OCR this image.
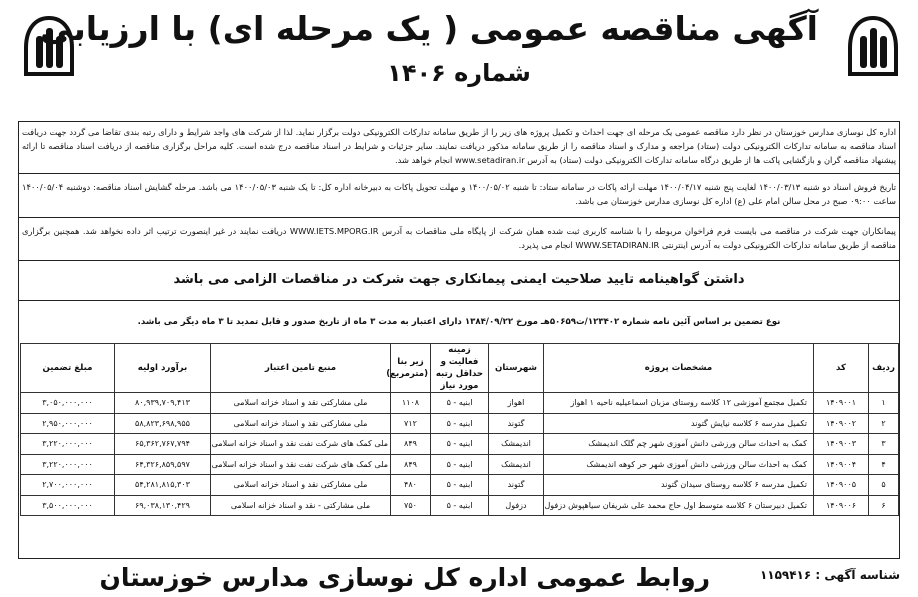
آگهی مناقصه عمومی ( یک مرحله ای) با ارزیابی
شماره ۱۴۰۶
اداره کل نوسازی مدارس خوزستان در نظر دارد مناقصه عمومی یک مرحله ای جهت احداث و تکمیل پروژه های زیر را از طریق سامانه تدارکات الکترونیکی دولت برگزار نماید. لذا از شرکت های واجد شرایط و دارای رتبه بندی تقاضا می گردد جهت دریافت اسناد مناقصه به سامانه تدارکات الکترونیکی دولت (ستاد) مراجعه و مدارک و اسناد مناقصه را از طریق سامانه مذکور دریافت نمایند. سایر جزئیات و شرایط در اسناد مناقصه درج شده است. کلیه مراحل برگزاری مناقصه از دریافت اسناد مناقصه تا ارائه پیشنهاد مناقصه گران و بازگشایی پاکت ها از طریق درگاه سامانه تدارکات الکترونیکی دولت (ستاد) به آدرس www.setadiran.ir انجام خواهد شد.
تاریخ فروش اسناد دو شنبه ۱۴۰۰/۰۳/۱۳ لغایت پنج شنبه ۱۴۰۰/۰۴/۱۷ مهلت ارائه پاکات در سامانه ستاد: تا شنبه ۱۴۰۰/۰۵/۰۲ و مهلت تحویل پاکات به دبیرخانه اداره کل: تا یک شنبه ۱۴۰۰/۰۵/۰۳ می باشد. مرحله گشایش اسناد مناقصه: دوشنبه ۱۴۰۰/۰۵/۰۴ ساعت ۰۹:۰۰ صبح در محل سالن امام علی (ع) اداره کل نوسازی مدارس خوزستان می باشد.
پیمانکاران جهت شرکت در مناقصه می بایست فرم فراخوان مربوطه را با شناسه کاربری ثبت شده همان شرکت از پایگاه ملی مناقصات به آدرس WWW.IETS.MPORG.IR دریافت نمایند در غیر اینصورت ترتیب اثر داده نخواهد شد. همچنین برگزاری مناقصه از طریق سامانه تدارکات الکترونیکی دولت به آدرس اینترنتی WWW.SETADIRAN.IR انجام می پذیرد.
داشتن گواهینامه تایید صلاحیت ایمنی پیمانکاری جهت شرکت در مناقصات الزامی می باشد
نوع تضمین بر اساس آئین نامه شماره ۱۲۳۴۰۲/ت۵۰۶۵۹هـ مورخ ۱۳۸۴/۰۹/۲۲ دارای اعتبار به مدت ۳ ماه از تاریخ صدور و قابل تمدید تا ۳ ماه دیگر می باشد.
ردیف	کد	مشخصات پروژه	شهرستان	زمینه فعالیت و حداقل رتبه مورد نیاز	زیر بنا (مترمربع)	منبع تامین اعتبار	برآورد اولیه	مبلغ تضمین
۱	۱۴۰۹۰۰۱	تکمیل مجتمع آموزشی ۱۲ کلاسه روستای مزبان اسماعیلیه ناحیه ۱ اهواز	اهواز	ابنیه - ۵	۱۱۰۸	ملی مشارکتی نقد و اسناد خزانه اسلامی	۸۰,۹۳۹,۷۰۹,۴۱۳	۳,۰۵۰,۰۰۰,۰۰۰
۲	۱۴۰۹۰۰۲	تکمیل مدرسه ۶ کلاسه نیایش گتوند	گتوند	ابنیه - ۵	۷۱۲	ملی مشارکتی نقد و اسناد خزانه اسلامی	۵۸,۸۲۳,۶۹۸,۹۵۵	۲,۹۵۰,۰۰۰,۰۰۰
۳	۱۴۰۹۰۰۳	کمک به احداث سالن ورزشی دانش آموزی شهر چم گلک اندیمشک	اندیمشک	ابنیه - ۵	۸۴۹	ملی کمک های شرکت نفت نقد و اسناد خزانه اسلامی	۶۵,۳۶۲,۷۶۷,۷۹۴	۳,۲۲۰,۰۰۰,۰۰۰
۴	۱۴۰۹۰۰۴	کمک به احداث سالن ورزشی دانش آموزی شهر حر کوهه اندیمشک	اندیمشک	ابنیه - ۵	۸۴۹	ملی کمک های شرکت نفت نقد و اسناد خزانه اسلامی	۶۴,۳۲۶,۸۵۹,۵۹۷	۳,۲۲۰,۰۰۰,۰۰۰
۵	۱۴۰۹۰۰۵	تکمیل مدرسه ۶ کلاسه روستای سیدان گتوند	گتوند	ابنیه - ۵	۴۸۰	ملی مشارکتی نقد و اسناد خزانه اسلامی	۵۴,۲۸۱,۸۱۵,۳۰۳	۲,۷۰۰,۰۰۰,۰۰۰
۶	۱۴۰۹۰۰۶	تکمیل دبیرستان ۶ کلاسه متوسط اول حاج محمد علی شریفان سیاهپوش دزفول	دزفول	ابنیه - ۵	۷۵۰	ملی مشارکتی - نقد و اسناد خزانه اسلامی	۶۹,۰۳۸,۱۳۰,۴۲۹	۳,۵۰۰,۰۰۰,۰۰۰
شناسه آگهی : ۱۱۵۹۴۱۶
روابط عمومی اداره کل نوسازی مدارس خوزستان
